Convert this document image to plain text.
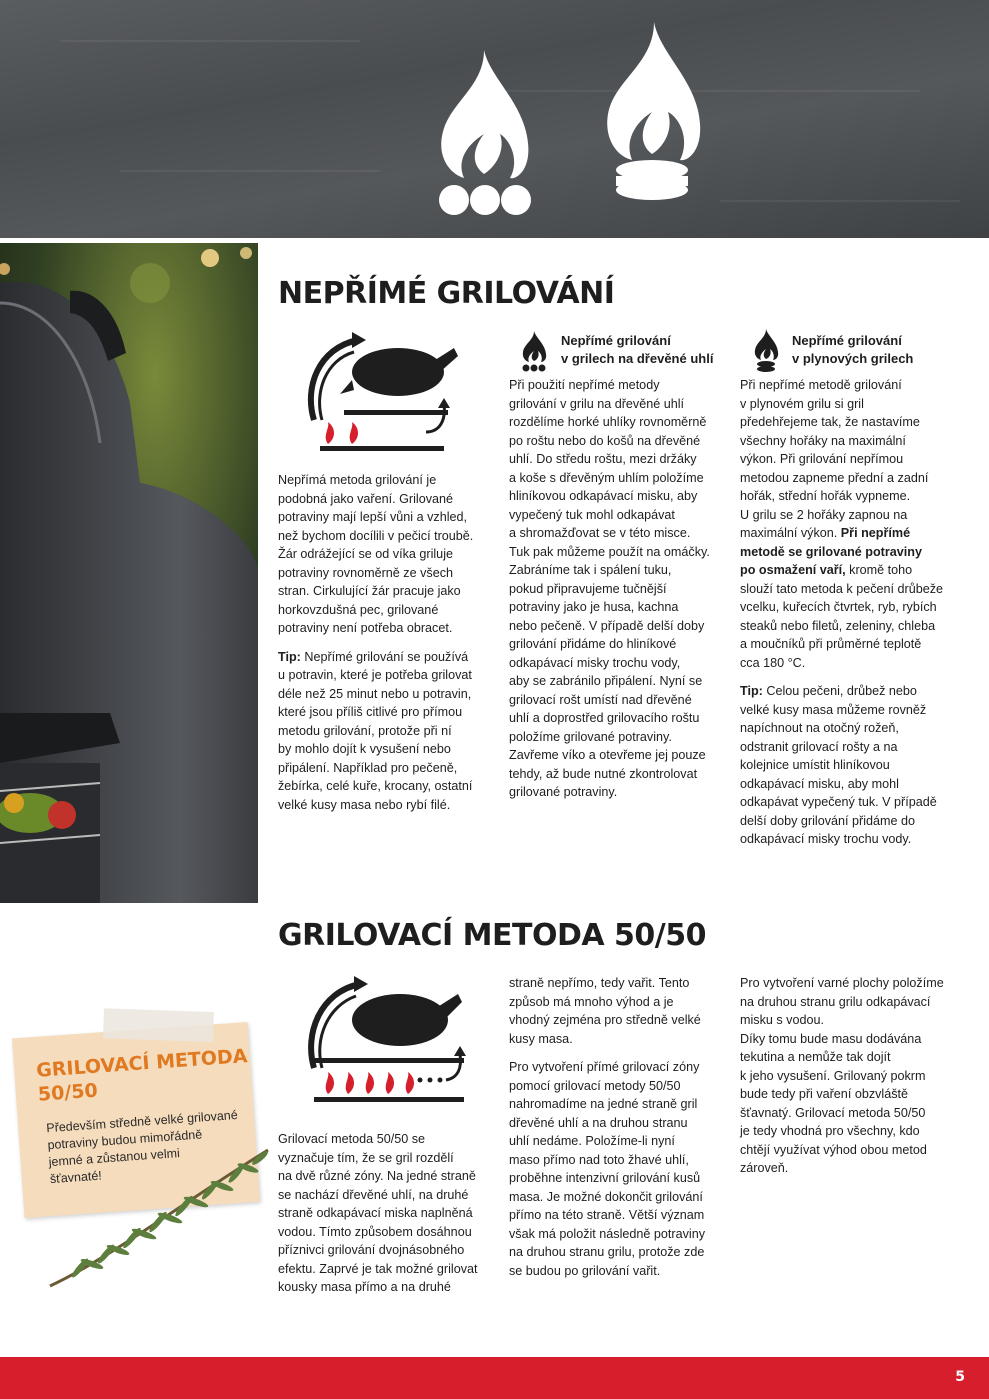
NEPŘÍMÉ GRILOVÁNÍ

Nepřímá metoda grilování je
podobná jako vaření. Grilované
potraviny mají lepší vůni a vzhled,
než bychom docílili v pečicí troubě.
Žár odrážející se od víka griluje
potraviny rovnoměrně ze všech
stran. Cirkulující žár pracuje jako
horkovzdušná pec, grilované
potraviny není potřeba obracet.

Tip: Nepřímé grilování se používá
u potravin, které je potřeba grilovat
déle než 25 minut nebo u potravin,
které jsou příliš citlivé pro přímou
metodu grilování, protože při ní
by mohlo dojít k vysušení nebo
připálení. Například pro pečeně,
žebírka, celé kuře, krocany, ostatní
velké kusy masa nebo rybí filé.

Nepřímé grilování
v grilech na dřevěné uhlí

Při použití nepřímé metody
grilování v grilu na dřevěné uhlí
rozdělíme horké uhlíky rovnoměrně
po roštu nebo do košů na dřevěné
uhlí. Do středu roštu, mezi držáky
a koše s dřevěným uhlím položíme
hliníkovou odkapávací misku, aby
vypečený tuk mohl odkapávat
a shromažďovat se v této misce.
Tuk pak můžeme použít na omáčky.
Zabráníme tak i spálení tuku,
pokud připravujeme tučnější
potraviny jako je husa, kachna
nebo pečeně. V případě delší doby
grilování přidáme do hliníkové
odkapávací misky trochu vody,
aby se zabránilo připálení. Nyní se
grilovací rošt umístí nad dřevěné
uhlí a doprostřed grilovacího roštu
položíme grilované potraviny.
Zavřeme víko a otevřeme jej pouze
tehdy, až bude nutné zkontrolovat
grilované potraviny.

Nepřímé grilování
v plynových grilech

Při nepřímé metodě grilování
v plynovém grilu si gril
předehřejeme tak, že nastavíme
všechny hořáky na maximální
výkon. Při grilování nepřímou
metodou zapneme přední a zadní
hořák, střední hořák vypneme.
U grilu se 2 hořáky zapnou na
maximální výkon. Při nepřímé
metodě se grilované potraviny
po osmažení vaří, kromě toho
slouží tato metoda k pečení drůbeže
vcelku, kuřecích čtvrtek, ryb, rybích
steaků nebo filetů, zeleniny, chleba
a moučníků při průměrné teplotě
cca 180 °C.

Tip: Celou pečeni, drůbež nebo
velké kusy masa můžeme rovněž
napíchnout na otočný rožeň,
odstranit grilovací rošty a na
kolejnice umístit hliníkovou
odkapávací misku, aby mohl
odkapávat vypečený tuk. V případě
delší doby grilování přidáme do
odkapávací misky trochu vody.

GRILOVACÍ METODA 50/50

Grilovací metoda 50/50 se
vyznačuje tím, že se gril rozdělí
na dvě různé zóny. Na jedné straně
se nachází dřevěné uhlí, na druhé
straně odkapávací miska naplněná
vodou. Tímto způsobem dosáhnou
příznivci grilování dvojnásobného
efektu. Zaprvé je tak možné grilovat
kousky masa přímo a na druhé

straně nepřímo, tedy vařit. Tento
způsob má mnoho výhod a je
vhodný zejména pro středně velké
kusy masa.

Pro vytvoření přímé grilovací zóny
pomocí grilovací metody 50/50
nahromadíme na jedné straně gril
dřevěné uhlí a na druhou stranu
uhlí nedáme. Položíme-li nyní
maso přímo nad toto žhavé uhlí,
proběhne intenzivní grilování kusů
masa. Je možné dokončit grilování
přímo na této straně. Větší význam
však má položit následně potraviny
na druhou stranu grilu, protože zde
se budou po grilování vařit.

Pro vytvoření varné plochy položíme
na druhou stranu grilu odkapávací
misku s vodou.
Díky tomu bude masu dodávána
tekutina a nemůže tak dojít
k jeho vysušení. Grilovaný pokrm
bude tedy při vaření obzvláště
šťavnatý. Grilovací metoda 50/50
je tedy vhodná pro všechny, kdo
chtějí využívat výhod obou metod
zároveň.

GRILOVACÍ METODA
50/50
Především středně velké grilované
potraviny budou mimořádně
jemné a zůstanou velmi
šťavnaté!
5
